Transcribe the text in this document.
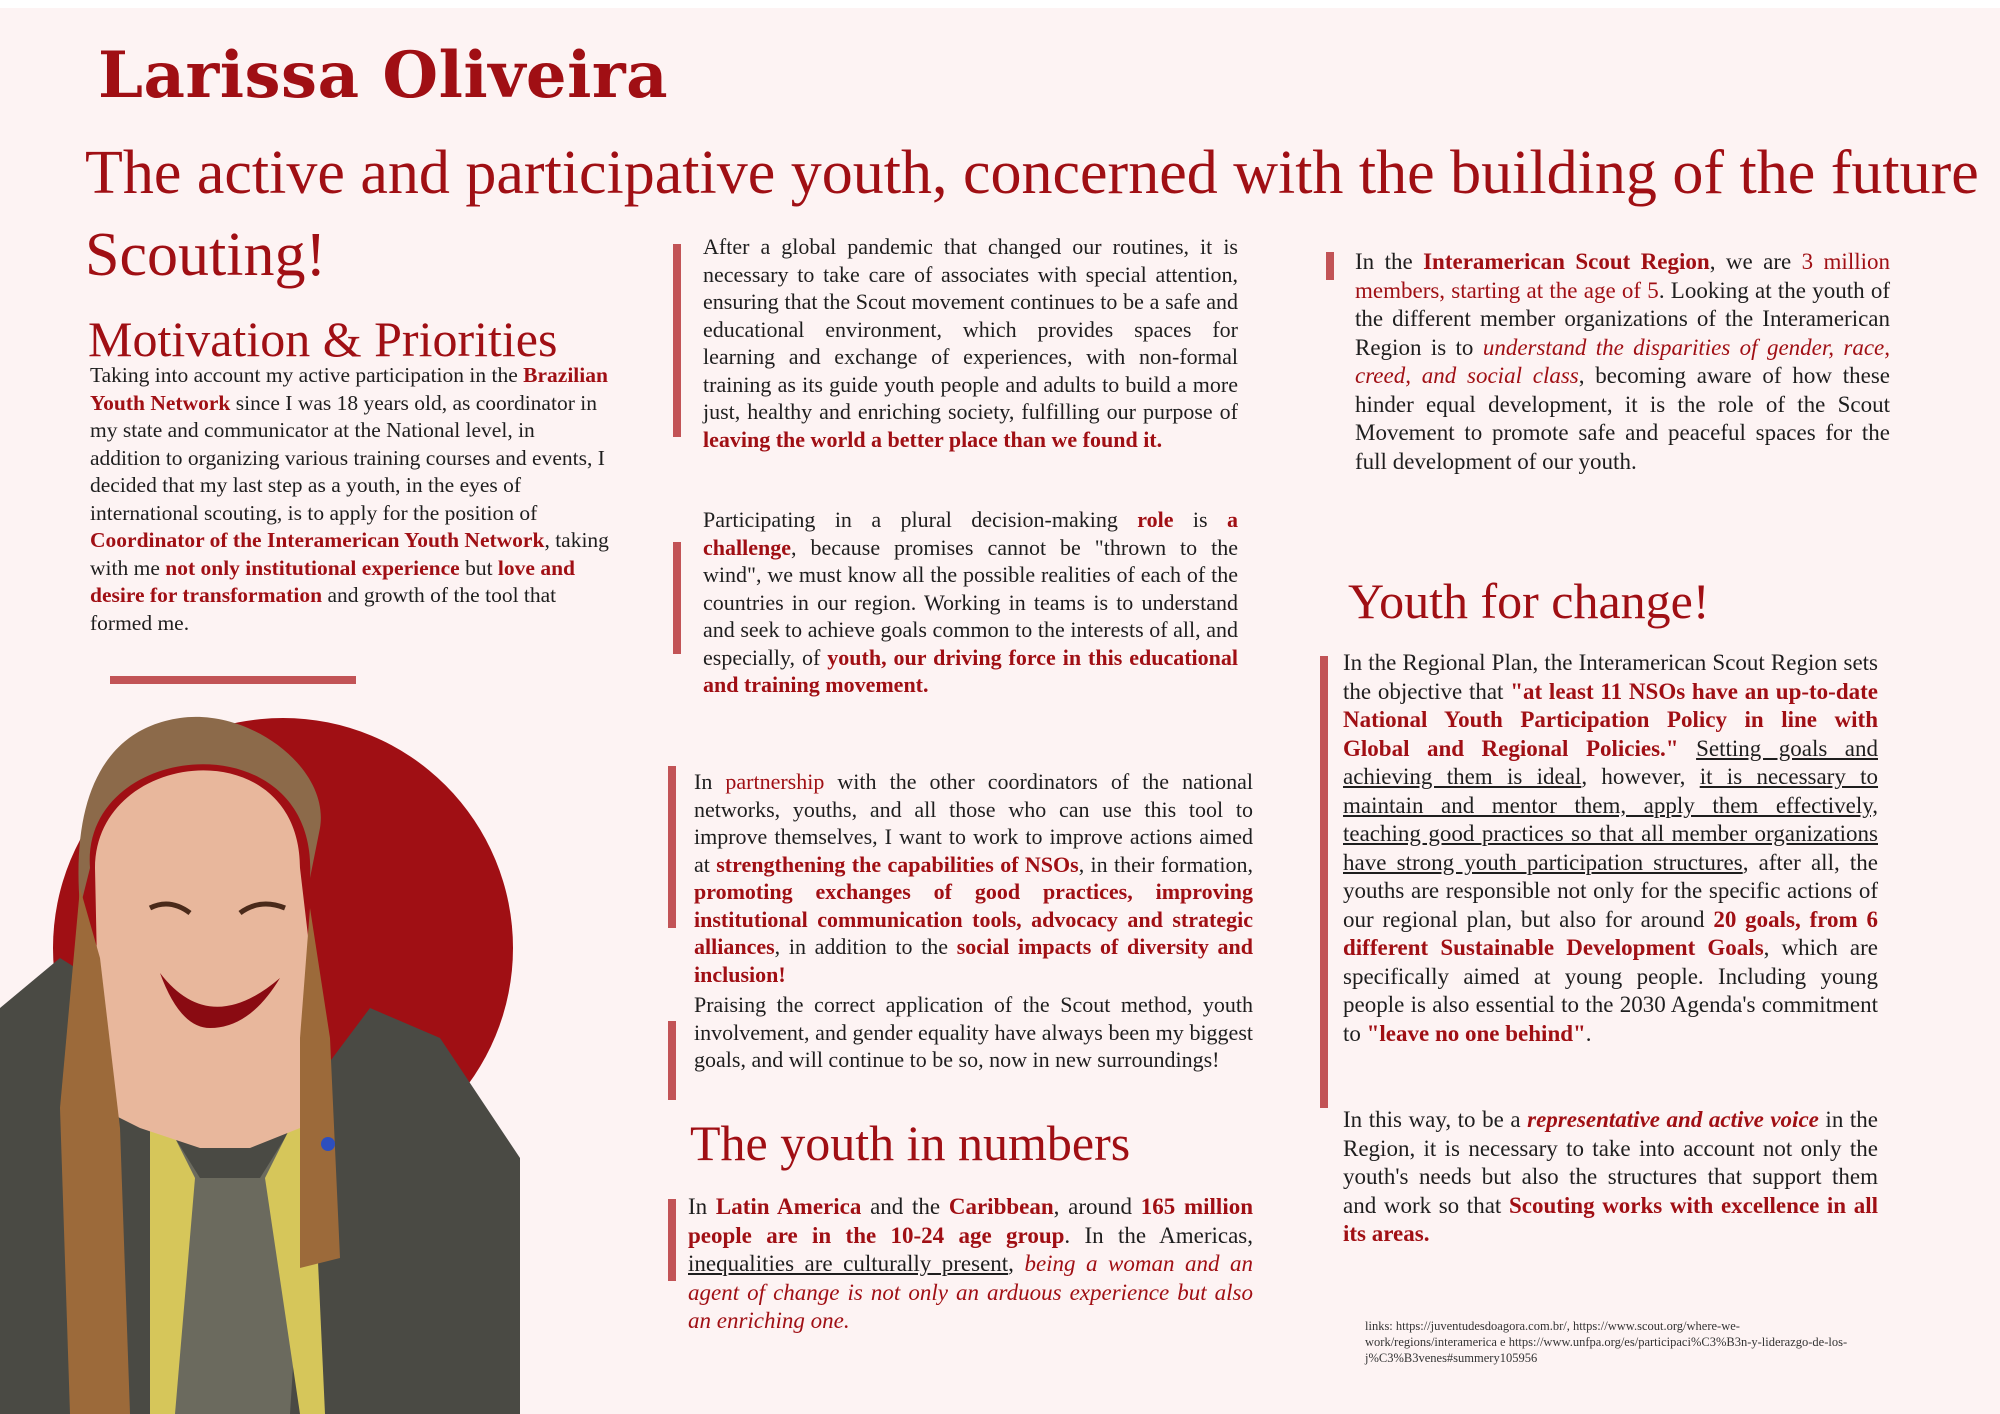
Larissa Oliveira
The active and participative youth, concerned with the building of the future Scouting!
Motivation & Priorities
Taking into account my active participation in the Brazilian Youth Network since I was 18 years old, as coordinator in my state and communicator at the National level, in addition to organizing various training courses and events, I decided that my last step as a youth, in the eyes of international scouting, is to apply for the position of Coordinator of the Interamerican Youth Network, taking with me not only institutional experience but love and desire for transformation and growth of the tool that formed me.
After a global pandemic that changed our routines, it is necessary to take care of associates with special attention, ensuring that the Scout movement continues to be a safe and educational environment, which provides spaces for learning and exchange of experiences, with non-formal training as its guide youth people and adults to build a more just, healthy and enriching society, fulfilling our purpose of leaving the world a better place than we found it.
Participating in a plural decision-making role is a challenge, because promises cannot be "thrown to the wind", we must know all the possible realities of each of the countries in our region. Working in teams is to understand and seek to achieve goals common to the interests of all, and especially, of youth, our driving force in this educational and training movement.
In partnership with the other coordinators of the national networks, youths, and all those who can use this tool to improve themselves, I want to work to improve actions aimed at strengthening the capabilities of NSOs, in their formation, promoting exchanges of good practices, improving institutional communication tools, advocacy and strategic alliances, in addition to the social impacts of diversity and inclusion!
Praising the correct application of the Scout method, youth involvement, and gender equality have always been my biggest goals, and will continue to be so, now in new surroundings!
The youth in numbers
In Latin America and the Caribbean, around 165 million people are in the 10-24 age group. In the Americas, inequalities are culturally present, being a woman and an agent of change is not only an arduous experience but also an enriching one.
In the Interamerican Scout Region, we are 3 million members, starting at the age of 5. Looking at the youth of the different member organizations of the Interamerican Region is to understand the disparities of gender, race, creed, and social class, becoming aware of how these hinder equal development, it is the role of the Scout Movement to promote safe and peaceful spaces for the full development of our youth.
Youth for change!
In the Regional Plan, the Interamerican Scout Region sets the objective that "at least 11 NSOs have an up-to-date National Youth Participation Policy in line with Global and Regional Policies." Setting goals and achieving them is ideal, however, it is necessary to maintain and mentor them, apply them effectively, teaching good practices so that all member organizations have strong youth participation structures, after all, the youths are responsible not only for the specific actions of our regional plan, but also for around 20 goals, from 6 different Sustainable Development Goals, which are specifically aimed at young people. Including young people is also essential to the 2030 Agenda's commitment to "leave no one behind".
In this way, to be a representative and active voice in the Region, it is necessary to take into account not only the youth's needs but also the structures that support them and work so that Scouting works with excellence in all its areas.
links: https://juventudesdoagora.com.br/, https://www.scout.org/where-we-work/regions/interamerica e https://www.unfpa.org/es/participaci%C3%B3n-y-liderazgo-de-los-j%C3%B3venes#summery105956
